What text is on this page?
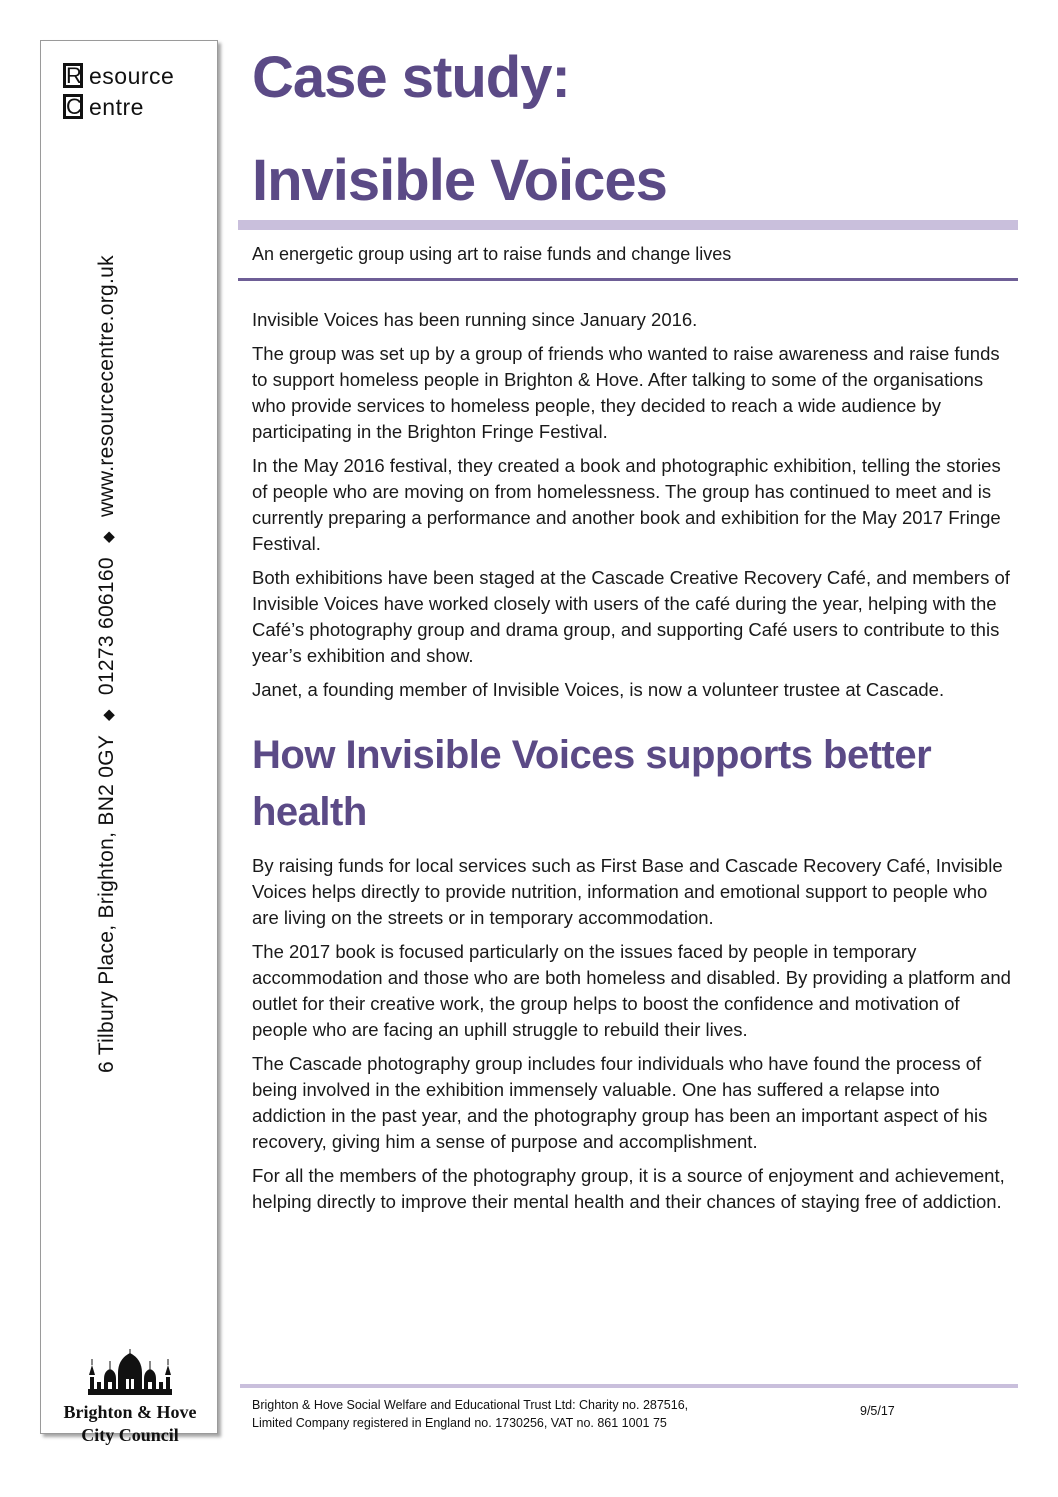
R
C
esource
entre
6 Tilbury Place, Brighton, BN2 0GY ◆ 01273 606160 ◆ www.resourcecentre.org.uk
Brighton & Hove
City Council
Case study:
Invisible Voices

An energetic group using art to raise funds and change lives

Invisible Voices has been running since January 2016.

The group was set up by a group of friends who wanted to raise awareness and raise funds to support homeless people in Brighton & Hove. After talking to some of the organisations who provide services to homeless people, they decided to reach a wide audience by participating in the Brighton Fringe Festival.

In the May 2016 festival, they created a book and photographic exhibition, telling the stories of people who are moving on from homelessness. The group has continued to meet and is currently preparing a performance and another book and exhibition for the May 2017 Fringe Festival.

Both exhibitions have been staged at the Cascade Creative Recovery Café, and members of Invisible Voices have worked closely with users of the café during the year, helping with the Café’s photography group and drama group, and supporting Café users to contribute to this year’s exhibition and show.

Janet, a founding member of Invisible Voices, is now a volunteer trustee at Cascade.

How Invisible Voices supports better health

By raising funds for local services such as First Base and Cascade Recovery Café, Invisible Voices helps directly to provide nutrition, information and emotional support to people who are living on the streets or in temporary accommodation.

The 2017 book is focused particularly on the issues faced by people in temporary accommodation and those who are both homeless and disabled. By providing a platform and outlet for their creative work, the group helps to boost the confidence and motivation of people who are facing an uphill struggle to rebuild their lives.

The Cascade photography group includes four individuals who have found the process of being involved in the exhibition immensely valuable. One has suffered a relapse into addiction in the past year, and the photography group has been an important aspect of his recovery, giving him a sense of purpose and accomplishment.

For all the members of the photography group, it is a source of enjoyment and achievement, helping directly to improve their mental health and their chances of staying free of addiction.

Brighton & Hove Social Welfare and Educational Trust Ltd: Charity no. 287516,
Limited Company registered in England no. 1730256, VAT no. 861 1001 75
9/5/17
